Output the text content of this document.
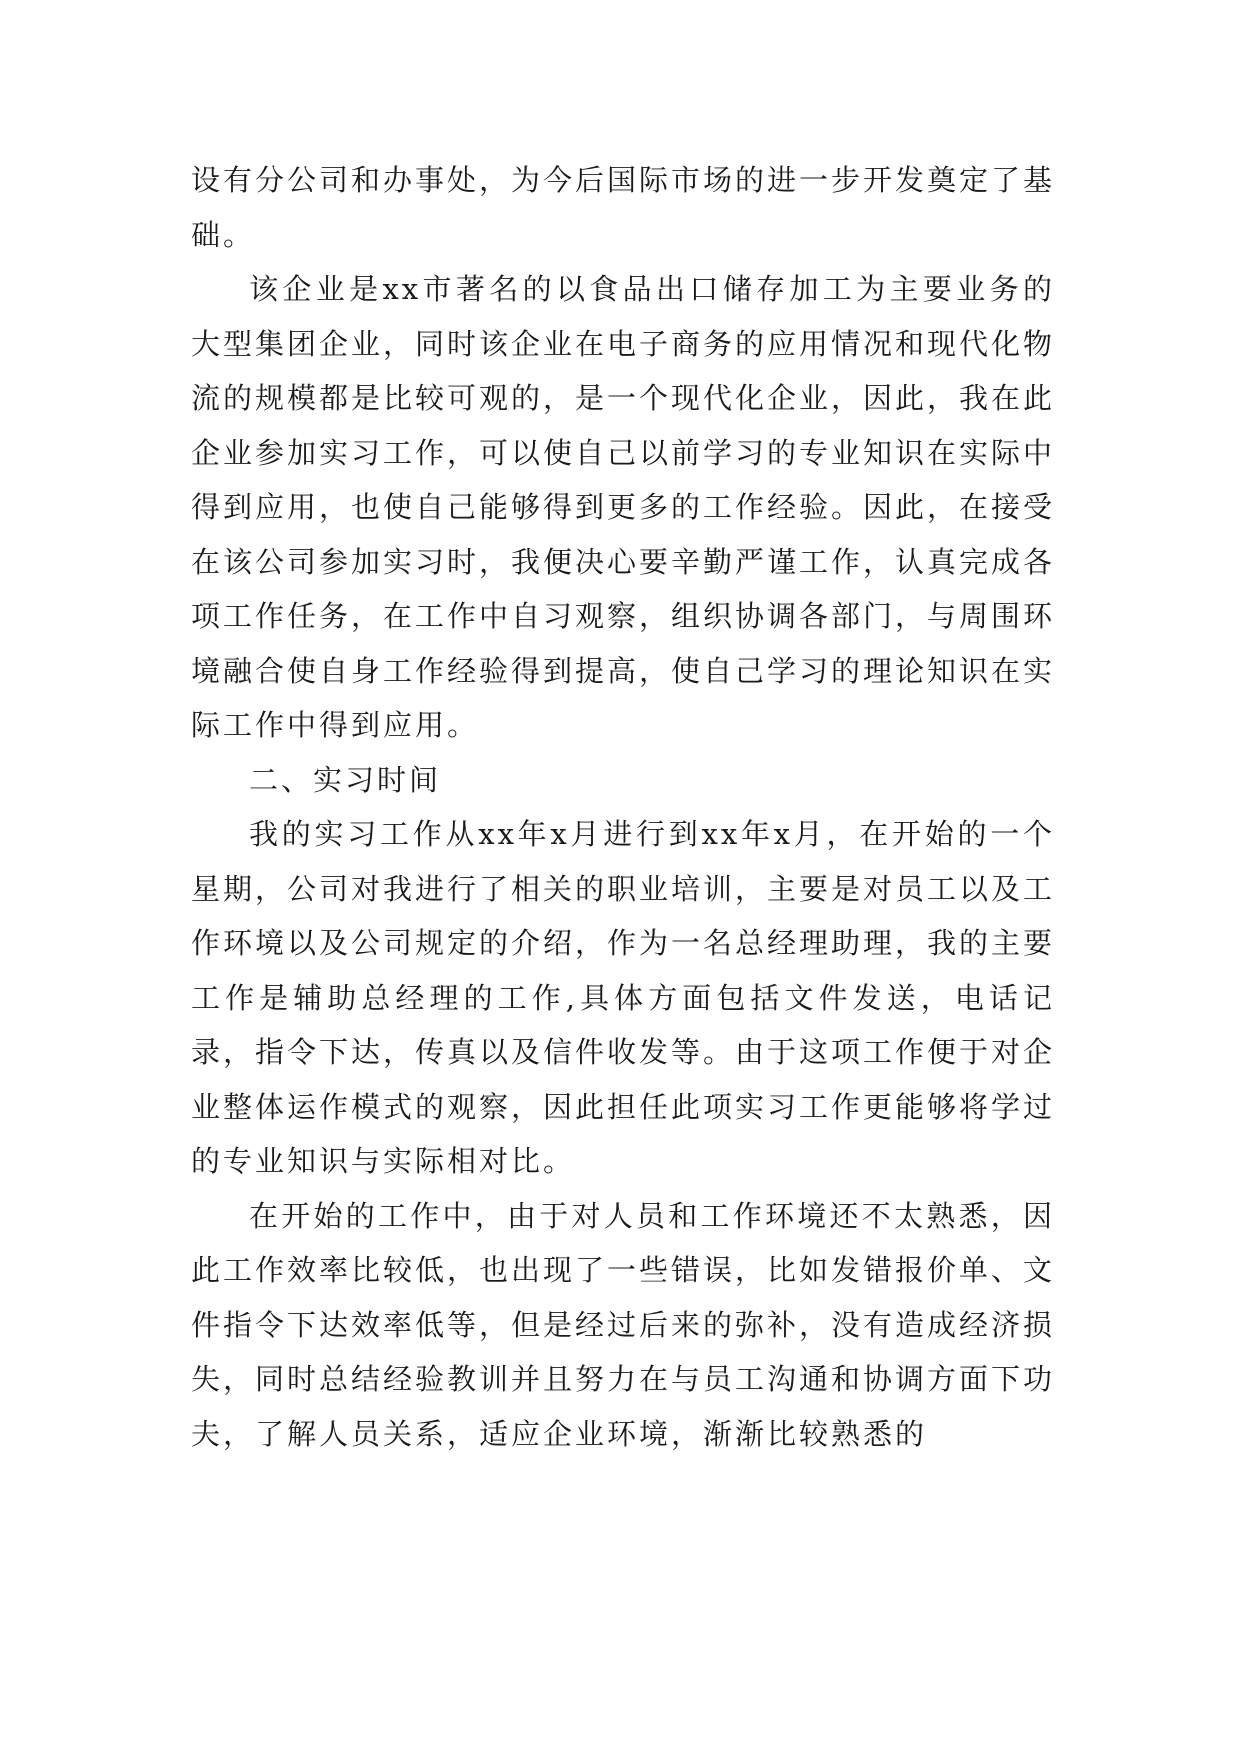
设有分公司和办事处，为今后国际市场的进一步开发奠定了基础。

该企业是xx市著名的以食品出口储存加工为主要业务的大型集团企业，同时该企业在电子商务的应用情况和现代化物流的规模都是比较可观的，是一个现代化企业，因此，我在此企业参加实习工作，可以使自己以前学习的专业知识在实际中得到应用，也使自己能够得到更多的工作经验。因此，在接受在该公司参加实习时，我便决心要辛勤严谨工作，认真完成各项工作任务，在工作中自习观察，组织协调各部门，与周围环境融合使自身工作经验得到提高，使自己学习的理论知识在实际工作中得到应用。

二、实习时间

我的实习工作从xx年x月进行到xx年x月，在开始的一个星期，公司对我进行了相关的职业培训，主要是对员工以及工作环境以及公司规定的介绍，作为一名总经理助理，我的主要工作是辅助总经理的工作,具体方面包括文件发送，电话记录，指令下达，传真以及信件收发等。由于这项工作便于对企业整体运作模式的观察，因此担任此项实习工作更能够将学过的专业知识与实际相对比。

在开始的工作中，由于对人员和工作环境还不太熟悉，因此工作效率比较低，也出现了一些错误，比如发错报价单、文件指令下达效率低等，但是经过后来的弥补，没有造成经济损失，同时总结经验教训并且努力在与员工沟通和协调方面下功夫，了解人员关系，适应企业环境，渐渐比较熟悉的
